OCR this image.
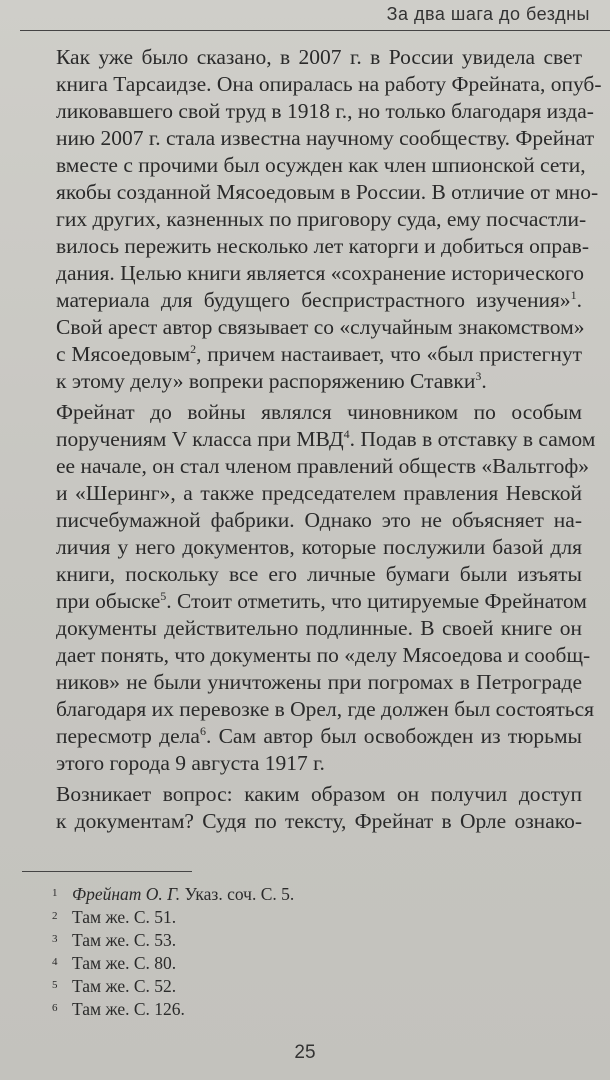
За два шага до бездны

Как уже было сказано, в 2007 г. в России увидела свет
книга Тарсаидзе. Она опиралась на работу Фрейната, опуб-
ликовавшего свой труд в 1918 г., но только благодаря изда-
нию 2007 г. стала известна научному сообществу. Фрейнат
вместе с прочими был осужден как член шпионской сети,
якобы созданной Мясоедовым в России. В отличие от мно-
гих других, казненных по приговору суда, ему посчастли-
вилось пережить несколько лет каторги и добиться оправ-
дания. Целью книги является «сохранение исторического
материала для будущего беспристрастного изучения»$^1$.
Свой арест автор связывает со «случайным знакомством»
с Мясоедовым$^2$, причем настаивает, что «был пристегнут
к этому делу» вопреки распоряжению Ставки$^3$.

Фрейнат до войны являлся чиновником по особым
поручениям V класса при МВД$^4$. Подав в отставку в самом
ее начале, он стал членом правлений обществ «Вальтгоф»
и «Шеринг», а также председателем правления Невской
писчебумажной фабрики. Однако это не объясняет на-
личия у него документов, которые послужили базой для
книги, поскольку все его личные бумаги были изъяты
при обыске$^5$. Стоит отметить, что цитируемые Фрейнатом
документы действительно подлинные. В своей книге он
дает понять, что документы по «делу Мясоедова и сообщ-
ников» не были уничтожены при погромах в Петрограде
благодаря их перевозке в Орел, где должен был состояться
пересмотр дела$^6$. Сам автор был освобожден из тюрьмы
этого города 9 августа 1917 г.

Возникает вопрос: каким образом он получил доступ
к документам? Судя по тексту, Фрейнат в Орле ознако-

1 Фрейнат О. Г. Указ. соч. С. 5.
2 Там же. С. 51.
3 Там же. С. 53.
4 Там же. С. 80.
5 Там же. С. 52.
6 Там же. С. 126.
25
